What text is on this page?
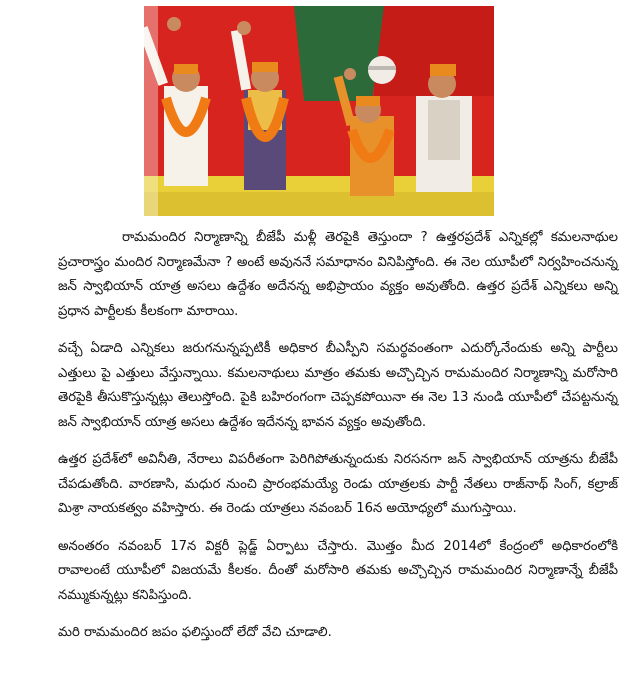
రామమందిర నిర్మాణాన్ని బీజేపీ మళ్లీ తెరపైకి తెస్తుందా ? ఉత్తరప్రదేశ్ ఎన్నికల్లో కమలనాథుల ప్రచారాస్త్రం మందిర నిర్మాణమేనా ? అంటే అవుననే సమాధానం వినిపిస్తోంది. ఈ నెల యూపీలో నిర్వహించనున్న జన్ స్వాభియాన్ యాత్ర అసలు ఉద్దేశం అదేనన్న అభిప్రాయం వ్యక్తం అవుతోంది. ఉత్తర ప్రదేశ్ ఎన్నికలు అన్ని ప్రధాన పార్టీలకు కీలకంగా మారాయి.

వచ్చే ఏడాది ఎన్నికలు జరుగనున్నప్పటికీ అధికార బీఎస్పీని సమర్థవంతంగా ఎదుర్కోనేందుకు అన్ని పార్టీలు ఎత్తులు పై ఎత్తులు వేస్తున్నాయి. కమలనాథులు మాత్రం తమకు అచ్చొచ్చిన రామమందిర నిర్మాణాన్ని మరోసారి తెరపైకి తీసుకొస్తున్నట్లు తెలుస్తోంది. పైకి బహిరంగంగా చెప్పకపోయినా ఈ నెల 13 నుండి యూపీలో చేపట్టనున్న జన్ స్వాభియాన్ యాత్ర అసలు ఉద్దేశం ఇదేనన్న భావన వ్యక్తం అవుతోంది.

ఉత్తర ప్రదేశ్‌లో అవినీతి, నేరాలు విపరీతంగా పెరిగిపోతున్నందుకు నిరసనగా జన్ స్వాభియాన్ యాత్రను బీజేపీ చేపడుతోంది. వారణాసి, మధుర నుంచి ప్రారంభమయ్యే రెండు యాత్రలకు పార్టీ నేతలు రాజ్‌నాథ్ సింగ్, కల్రాజ్ మిశ్రా నాయకత్వం వహిస్తారు. ఈ రెండు యాత్రలు నవంబర్ 16న అయోధ్యలో ముగుస్తాయి.

అనంతరం నవంబర్ 17న విక్టరీ ప్లెడ్జ్ ఏర్పాటు చేస్తారు. మొత్తం మీద 2014లో కేంద్రంలో అధికారంలోకి రావాలంటే యూపీలో విజయమే కీలకం. దీంతో మరోసారి తమకు అచ్చొచ్చిన రామమందిర నిర్మాణాన్నే బీజేపీ నమ్ముకున్నట్లు కనిపిస్తుంది.

మరి రామమందిర జపం ఫలిస్తుందో లేదో వేచి చూడాలి.
